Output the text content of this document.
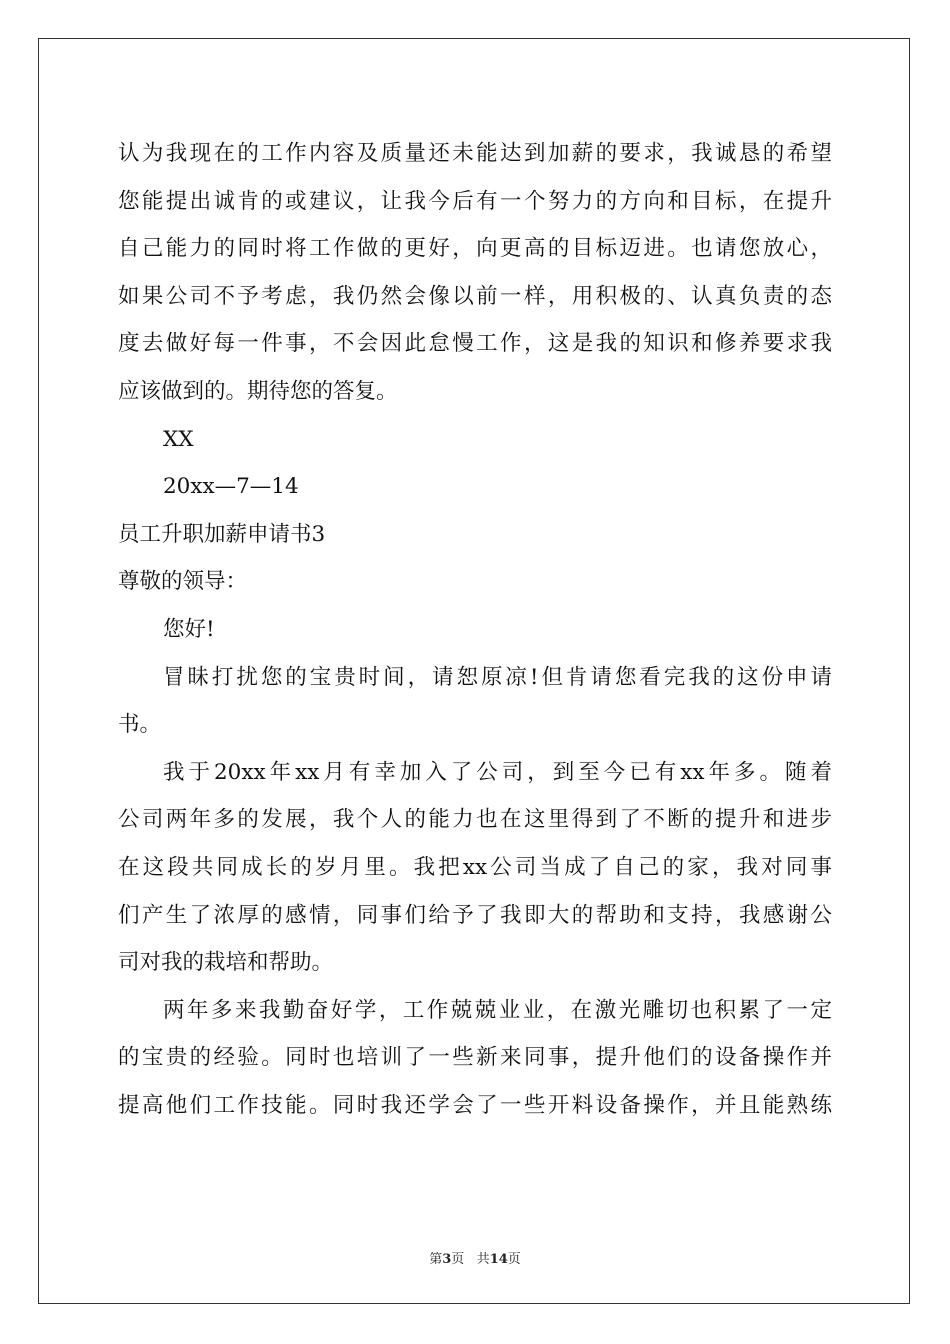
认为我现在的工作内容及质量还未能达到加薪的要求，我诚恳的希望
您能提出诚肯的或建议，让我今后有一个努力的方向和目标，在提升
自己能力的同时将工作做的更好，向更高的目标迈进。也请您放心，
如果公司不予考虑，我仍然会像以前一样，用积极的、认真负责的态
度去做好每一件事，不会因此怠慢工作，这是我的知识和修养要求我
应该做到的。期待您的答复。
XX
20xx—7—14
员工升职加薪申请书3
尊敬的领导：
您好!
冒昧打扰您的宝贵时间，请恕原凉!但肯请您看完我的这份申请
书。
我于20xx年xx月有幸加入了公司，到至今已有xx年多。随着
公司两年多的发展，我个人的能力也在这里得到了不断的提升和进步
在这段共同成长的岁月里。我把xx公司当成了自己的家，我对同事
们产生了浓厚的感情，同事们给予了我即大的帮助和支持，我感谢公
司对我的栽培和帮助。
两年多来我勤奋好学，工作兢兢业业，在激光雕切也积累了一定
的宝贵的经验。同时也培训了一些新来同事，提升他们的设备操作并
提高他们工作技能。同时我还学会了一些开料设备操作，并且能熟练
第3页 共14页
